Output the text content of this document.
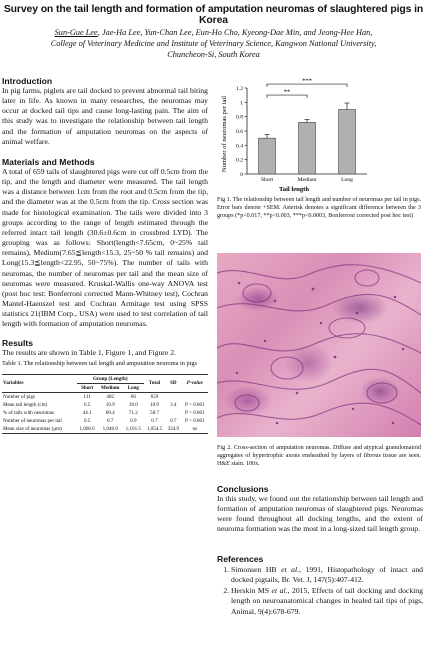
Survey on the tail length and formation of amputation neuromas of slaughtered pigs in Korea
Sun-Gue Lee, Jae-Ha Lee, Yun-Chan Lee, Eun-Ho Cho, Kyeong-Dae Min, and Jeong-Hee Han,
College of Veterinary Medicine and Institute of Veterinary Science, Kangwon National University,
Chuncheon-Si, South Korea
Introduction

In pig farms, piglets are tail docked to prevent abnormal tail biting later in life. As known in many researches, the neuromas may occur at docked tail tips and cause long-lasting pain. The aim of this study was to investigate the relationship between tail length and the formation of amputation neuromas on the aspects of animal welfare.

Materials and Methods

A total of 659 tails of slaughtered pigs were cut off 0.5cm from the tip, and the length and diameter were measured. The tail length was a distance between 1cm from the root and 0.5cm from the tip, and the diameter was at the 0.5cm from the tip. Cross section was made for histological examination. The tails were divided into 3 groups according to the range of length estimated through the referred intact tail length (30.6±0.6cm in crossbred LYD). The grouping was as follows: Short(length<7.65cm, 0~25% tail remains), Medium(7.65≦length<15.3, 25~50 % tail remains) and Long(15.3≦length<22.95, 50~75%). The number of tails with neuromas, the number of neuromas per tail and the mean size of neuromas were measured. Kruskal-Wallis one-way ANOVA test (post hoc test: Bonferroni corrected Mann-Whitney test), Cochran Mantel-Haenszel test and Cochran Armitage test using SPSS statistics 21(IBM Corp., USA) were used to test correlation of tail length with formation of amputation neuromas.

Results

The results are shown in Table 1, Figure 1, and Figure 2.

Table 1. The relationship between tail length and amputation neuroma in pigs

Variables	Group (Length)			Total	SD	P-value
	Short	Medium	Long			
Number of pigs	111	482	66	659		
Mean tail length (cm)	6.5	10.9	18.0	10.9	3.4	P < 0.001
% of tails with neuromas	44.1	60.4	71.2	58.7		P < 0.001
Number of neuromas per tail	0.5	0.7	0.9	0.7	0.7	P < 0.001
Mean size of neuromas (μm)	1,060.6	1,046.0	1,101.5	1,054.5	334.9	ns
0
0.2
0.4
0.6
0.8
1
1.2
Short	Medium	Long
**
***
Number of neuromas per tail
Tail length

Fig 1. The relationship between tail length and number of neuromas per tail in pigs. Error bars denote +SEM. Asterisk denotes a significant difference between the 3 groups (*p<0.017, **p<0.003, ***p<0.0003, Bonferroni corrected post hoc test)

Fig 2. Cross-section of amputation neuromas. Diffuse and atypical granulomatoid aggregates of hypertrophic axons ensheathed by layers of fibrous tissue are seen. H&E stain. 100x.

Conclusions

In this study, we found out the relationship between tail length and formation of amputation neuromas of slaughtered pigs. Neuromas were found throughout all docking lengths, and the extent of neuroma formation was the most in a long-sized tail length group.

References
1. Simonsen HB et al., 1991, Histopathology of intact and docked pigtails, Br. Vet. J, 147(5):407-412.
2. Herskin MS et al., 2015, Effects of tail docking and docking length on neuroanatomical changes in healed tail tips of pigs, Animal, 9(4):678-679.
